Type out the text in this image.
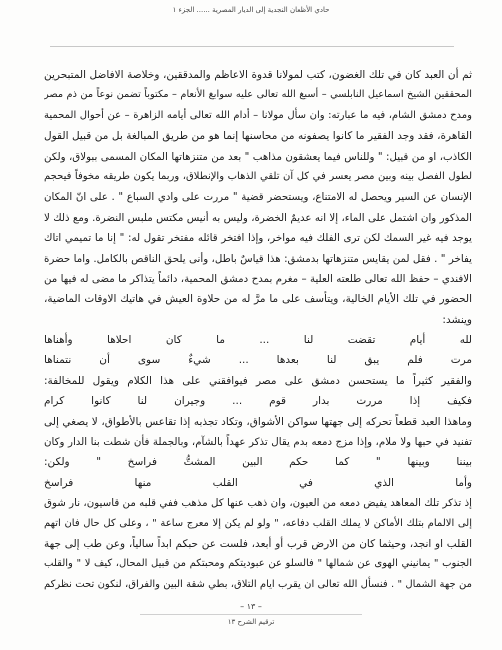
حادي الأظعان النجدية إلى الديار المصرية ...... الجزء ١
ثم أن العبد كان في تلك الغضون، كتب لمولانا قدوة الاعاظم والمدققين، وخلاصة الافاضل المتبحرين
المحققين الشيخ اسماعيل النابلسي – أسبغ الله تعالى عليه سوابغ الأنعام – مكتوباً تضمن نوعاً من ذم مصر
ومدح دمشق الشام، فيه ما عبارته: وان سأل مولانا – أدام الله تعالى أيامه الزاهرة – عن أحوال المحمية
القاهرة، فقد وجد الفقير ما كانوا يصفونه من محاسنها إنما هو من طريق المبالغة بل من قبيل القول
الكاذب، او من قبيل: " وللناس فيما يعشقون مذاهب " بعد من متنزهاتها المكان المسمى ببولاق، ولكن
لطول الفصل بينه وبين مصر يعسر في كل آن تلقي الذهاب والإنطلاق، وربما يكون طريقه مخوفاً فيحجم
الإنسان عن السير ويحصل له الامتناع، ويستحضر قضية " مررت على وادي السباع " . على انّ المكان
المذكور وان اشتمل على الماء، إلا انه عديمٌ الخضرة، وليس به أنيس مكتس ملبس النضرة. ومع ذلك لا
يوجد فيه غير السمك لكن ترى الفلك فيه مواخر، وإذا افتخر قائله مفتخر تقول له: " إنا ما تميمي اتاك
يفاخر " . فقل لمن يقايس متنزهاتها بدمشق: هذا قياسٌ باطل، وأنى يلحق الناقص بالكامل. واما حضرة
الافندي – حفظ الله تعالى طلعته العلية – مغرم بمدح دمشق المحمية، دائماً يتذاكر ما مضى له فيها من
الحضور في تلك الأيام الخالية، ويتأسف على ما مرَّ له من حلاوة العيش في هاتيك الاوقات الماضية،
وينشد:
لله أيام تقضت لنا ... ما كان احلاها وأهناها
مرت فلم يبق لنا بعدها ... شيءٌ سوى أن نتمناها
والفقير كثيراً ما يستحسن دمشق على مصر فيوافقني على هذا الكلام ويقول للمخالفة:
فكيف إذا مررت بدار قوم ... وجيران لنا كانوا كرام
وماهذا العبد قطعاً تحركه إلى جهتها سواكن الأشواق، وتكاد تجذبه إذا تقاعس بالأطواق، لا يصغي إلى
تفنيد في حبها ولا ملام، وإذا مزج دمعه بدم يقال تذكر عهداً بالشآم، وبالجملة فأن شطت بنا الدار وكان
بيننا وبينها " كما حكم البين المشتُّ فراسخ " ولكن:
وأما الذي في القلب منها فراسخ
إذ تذكر تلك المعاهد يفيض دمعه من العيون، وان ذهب عنها كل مذهب ففي قلبه من قاسيون، نار شوق
إلى الالمام بتلك الأماكن لا يملك القلب دفاعه، " ولو لم يكن إلا معرج ساعة " ، وعلى كل حال فان اتهم
القلب او انجد، وحيثما كان من الارض قرب أو أبعد، فلست عن حبكم ابداً سالياً، وعن طب إلى جهة
الجنوب " يمانيني الهوى عن شمالها " فالسلو عن عبوديتكم ومحبتكم من قبيل المحال، كيف لا " والقلب
من جهة الشمال " . فنسأل الله تعالى ان يقرب ايام التلاق، بطي شقة البين والفراق، لنكون تحت نظركم
– ١٣ –
ترقيم الشرح ١٣
